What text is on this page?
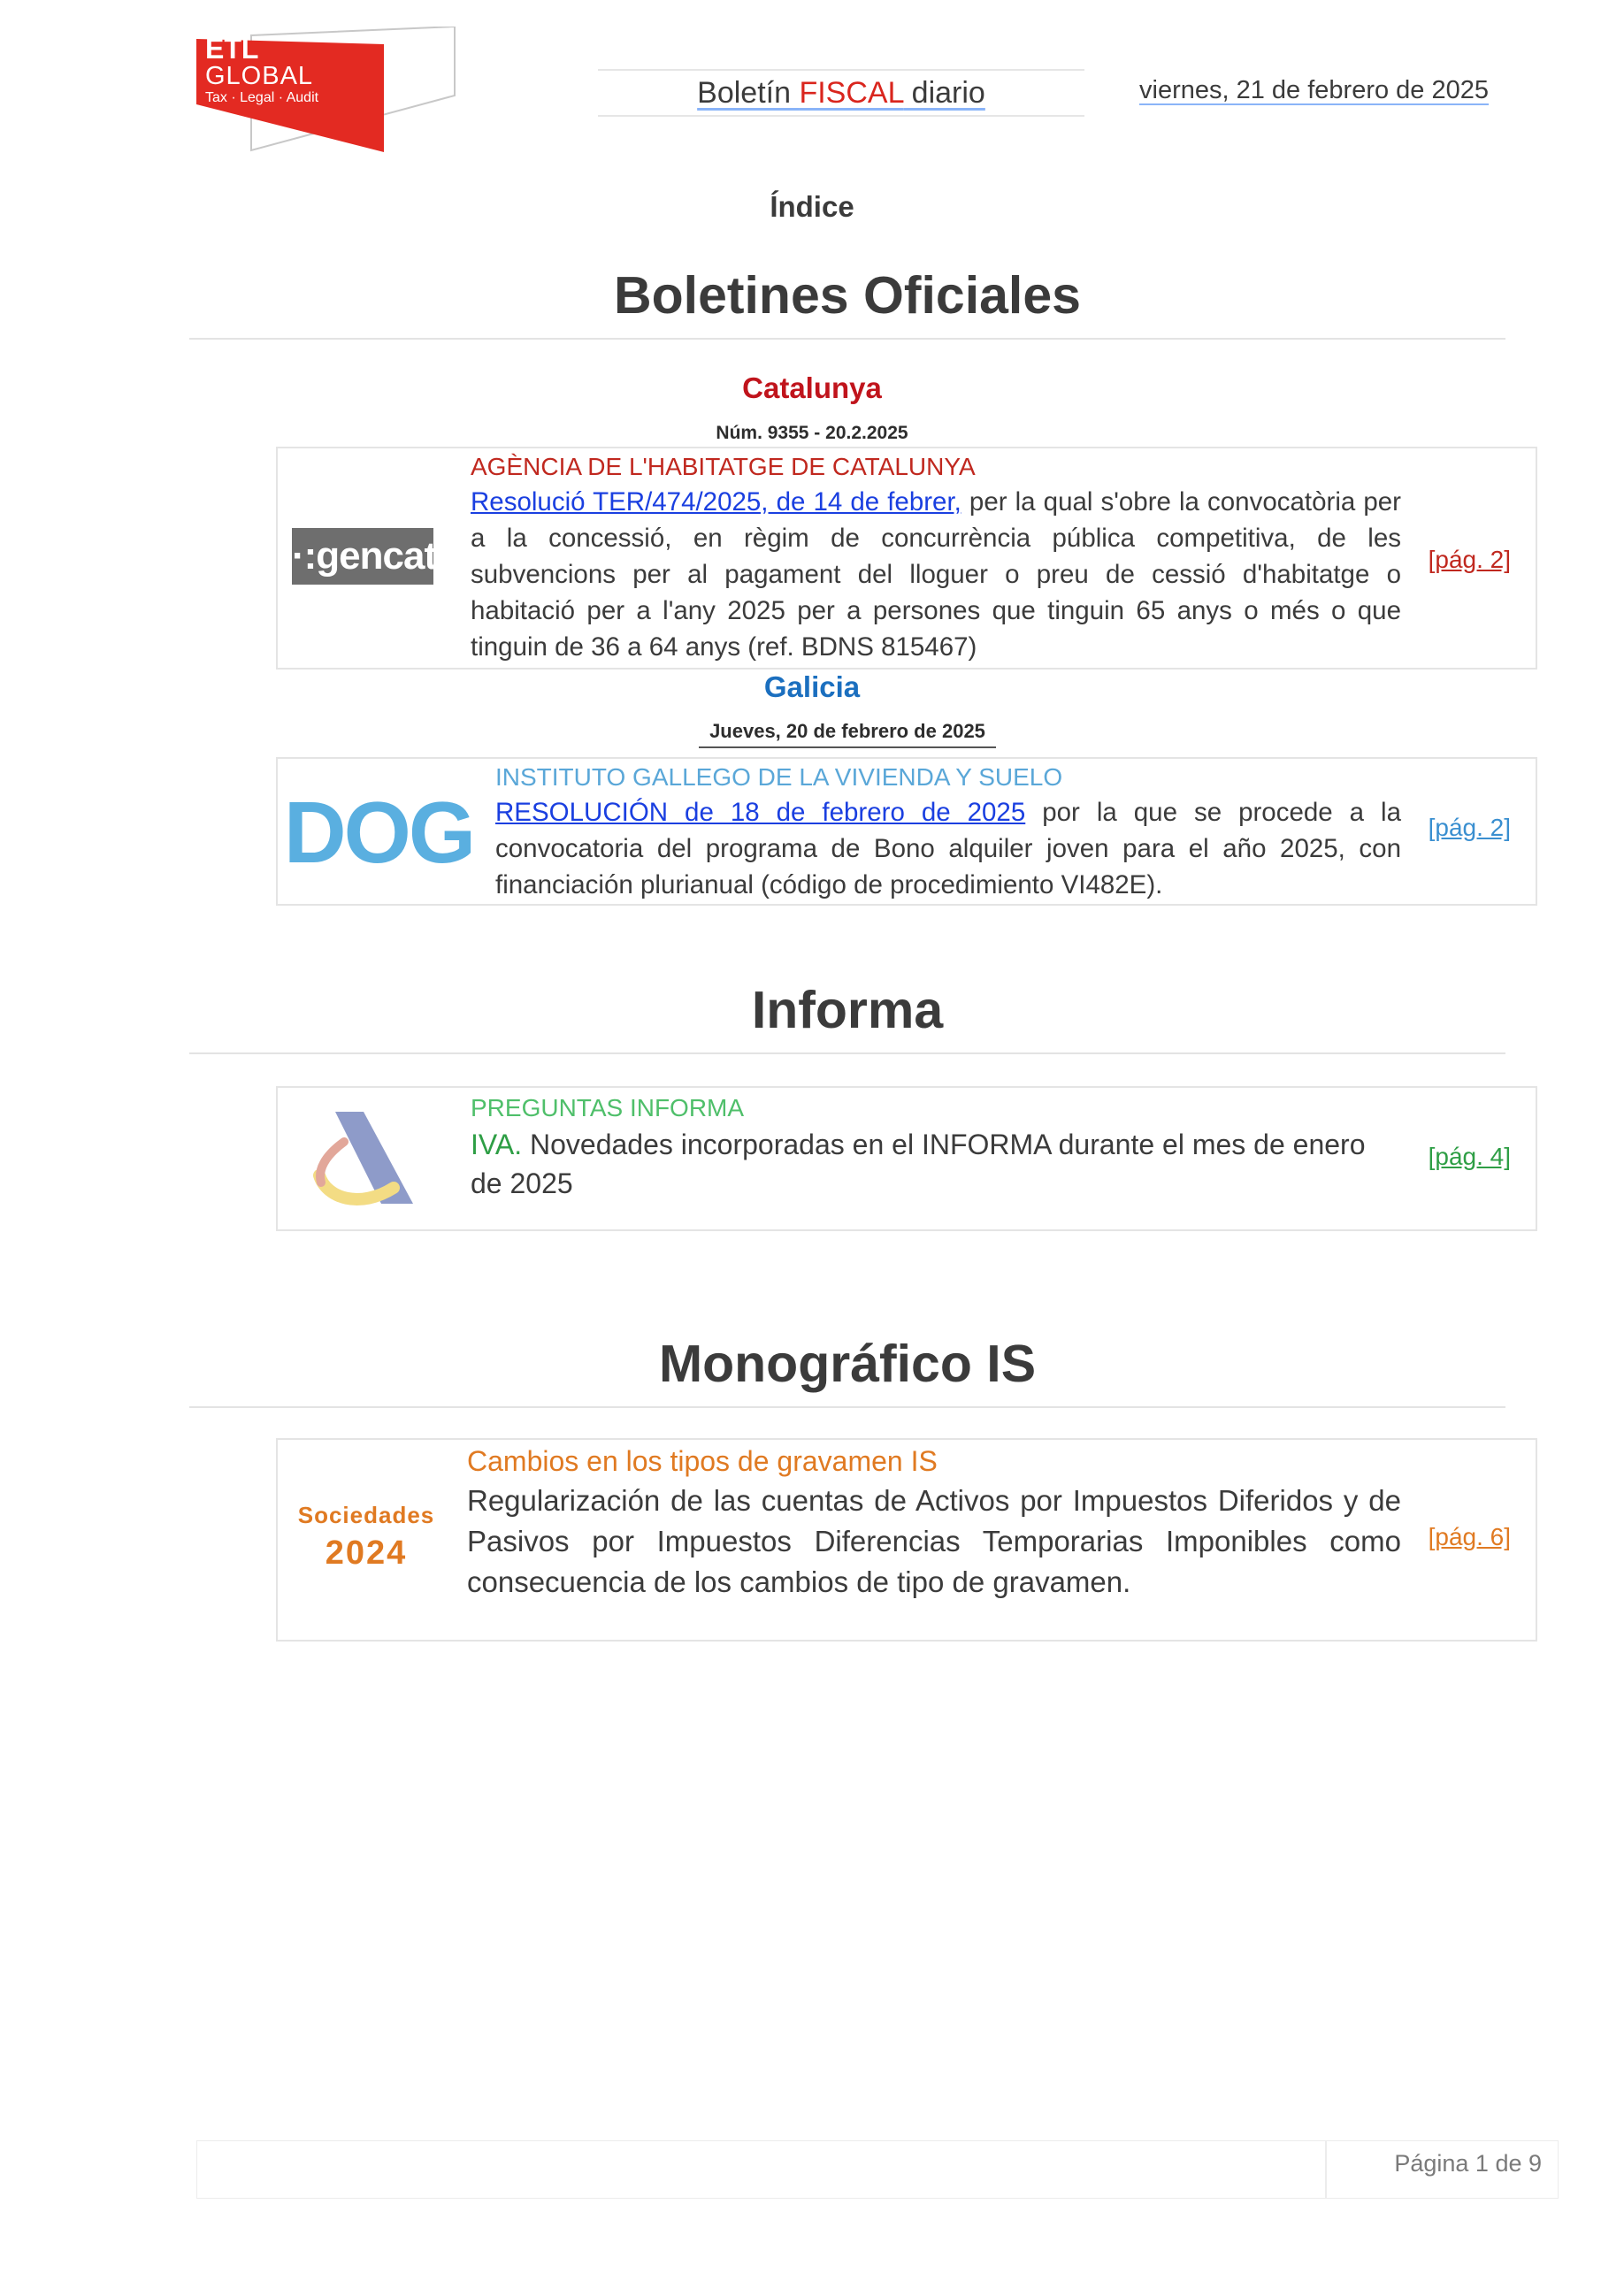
ETL
GLOBAL
Tax · Legal · Audit	Boletín FISCAL diario	viernes, 21 de febrero de 2025
Índice
Boletines Oficiales
Catalunya
Núm. 9355 - 20.2.2025
·:gencat
AGÈNCIA DE L'HABITATGE DE CATALUNYA
Resolució TER/474/2025, de 14 de febrer, per la qual s'obre la convocatòria per a la concessió, en règim de concurrència pública competitiva, de les subvencions per al pagament del lloguer o preu de cessió d'habitatge o habitació per a l'any 2025 per a persones que tinguin 65 anys o més o que tinguin de 36 a 64 anys (ref. BDNS 815467)
[pág. 2]
Galicia
Jueves, 20 de febrero de 2025
DOG
INSTITUTO GALLEGO DE LA VIVIENDA Y SUELO
RESOLUCIÓN de 18 de febrero de 2025 por la que se procede a la convocatoria del programa de Bono alquiler joven para el año 2025, con financiación plurianual (código de procedimiento VI482E).
[pág. 2]
Informa
PREGUNTAS INFORMA
IVA. Novedades incorporadas en el INFORMA durante el mes de enero de 2025
[pág. 4]
Monográfico IS
Sociedades
2024
Cambios en los tipos de gravamen IS
Regularización de las cuentas de Activos por Impuestos Diferidos y de Pasivos por Impuestos Diferencias Temporarias Imponibles como consecuencia de los cambios de tipo de gravamen.
[pág. 6]
Página 1 de 9
